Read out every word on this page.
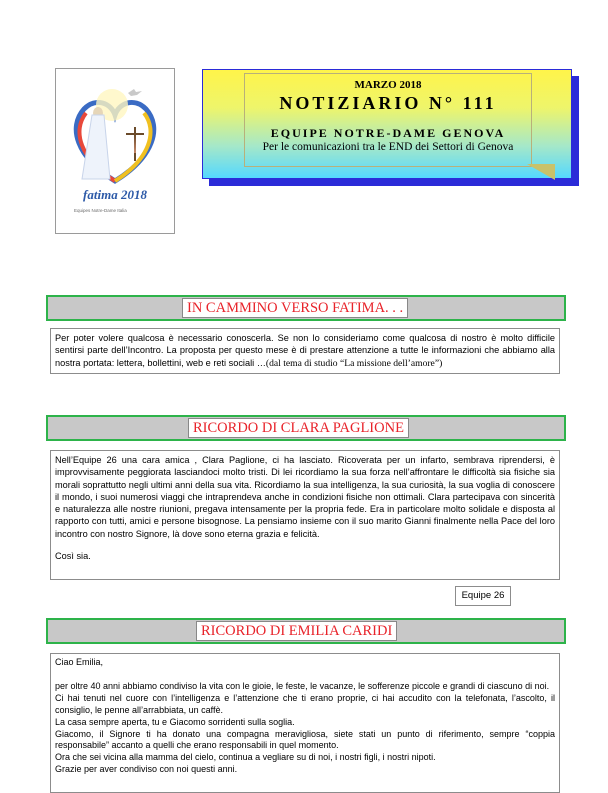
fatima 2018
Equipes Notre-Dame Italia
MARZO 2018
NOTIZIARIO N° 111
EQUIPE NOTRE-DAME GENOVA
Per le comunicazioni tra le END dei Settori di Genova
IN CAMMINO VERSO FATIMA. . .

Per poter volere qualcosa è necessario conoscerla. Se non lo consideriamo come qualcosa di nostro è molto difficile sentirsi parte dell’Incontro. La proposta per questo mese è di prestare attenzione a tutte le informazioni che abbiamo alla nostra portata: lettera, bollettini, web e reti sociali …(dal tema di studio “La missione dell’amore”)

RICORDO DI CLARA PAGLIONE

Nell’Equipe 26 una cara amica , Clara Paglione, ci ha lasciato. Ricoverata per un infarto, sembrava riprendersi, è improvvisamente peggiorata lasciandoci molto tristi. Di lei ricordiamo la sua forza nell’affrontare le difficoltà sia fisiche sia morali soprattutto negli ultimi anni della sua vita. Ricordiamo la sua intelligenza, la sua curiosità, la sua voglia di conoscere il mondo, i suoi numerosi viaggi che intraprendeva anche in condizioni fisiche non ottimali. Clara partecipava con sincerità e naturalezza alle nostre riunioni, pregava intensamente per la propria fede. Era in particolare molto solidale e disposta al rapporto con tutti, amici e persone bisognose. La pensiamo insieme con il suo marito Gianni finalmente nella Pace del loro incontro con nostro Signore, là dove sono eterna grazia e felicità.

Così sia.

Equipe 26
RICORDO DI EMILIA CARIDI

Ciao Emilia,

per oltre 40 anni abbiamo condiviso la vita con le gioie, le feste, le vacanze, le sofferenze piccole e grandi di ciascuno di noi.

Ci hai tenuti nel cuore con l’intelligenza e l’attenzione che ti erano proprie, ci hai accudito con la telefonata, l’ascolto, il consiglio, le penne all’arrabbiata, un caffè.

La casa sempre aperta, tu e Giacomo sorridenti sulla soglia.

Giacomo, il Signore ti ha donato una compagna meravigliosa, siete stati un punto di riferimento, sempre “coppia responsabile” accanto a quelli che erano responsabili in quel momento.

Ora che sei vicina alla mamma del cielo, continua a vegliare su di noi, i nostri figli, i nostri nipoti.

Grazie per aver condiviso con noi questi anni.
